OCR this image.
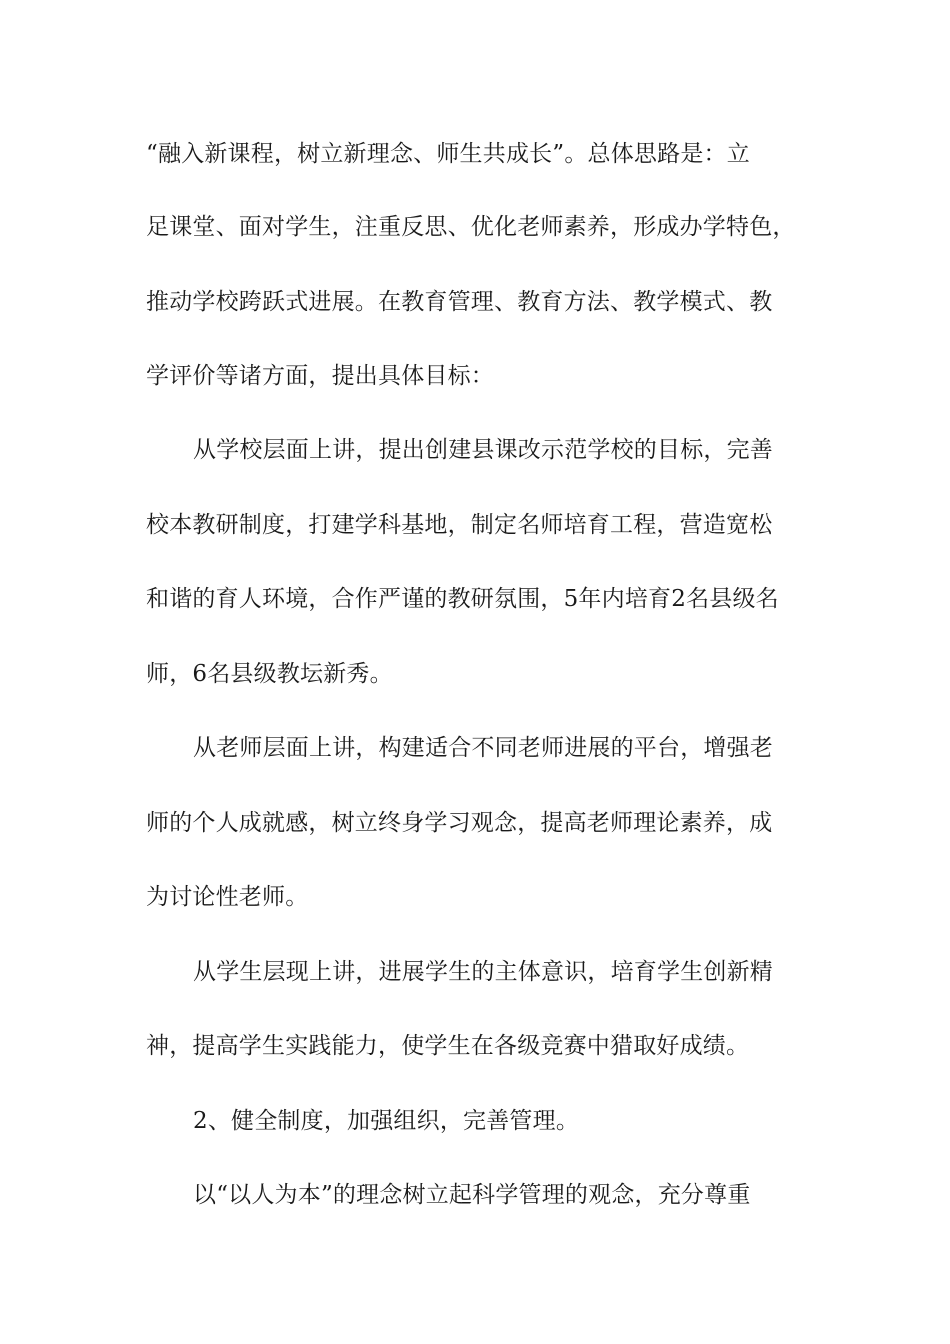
“融入新课程，树立新理念、师生共成长”。总体思路是：立
足课堂、面对学生，注重反思、优化老师素养，形成办学特色，
推动学校跨跃式进展。在教育管理、教育方法、教学模式、教
学评价等诸方面，提出具体目标：
从学校层面上讲，提出创建县课改示范学校的目标，完善
校本教研制度，打建学科基地，制定名师培育工程，营造宽松
和谐的育人环境，合作严谨的教研氛围，5年内培育2名县级名
师，6名县级教坛新秀。
从老师层面上讲，构建适合不同老师进展的平台，增强老
师的个人成就感，树立终身学习观念，提高老师理论素养，成
为讨论性老师。
从学生层现上讲，进展学生的主体意识，培育学生创新精
神，提高学生实践能力，使学生在各级竞赛中猎取好成绩。
2、健全制度，加强组织，完善管理。
以“以人为本”的理念树立起科学管理的观念，充分尊重
